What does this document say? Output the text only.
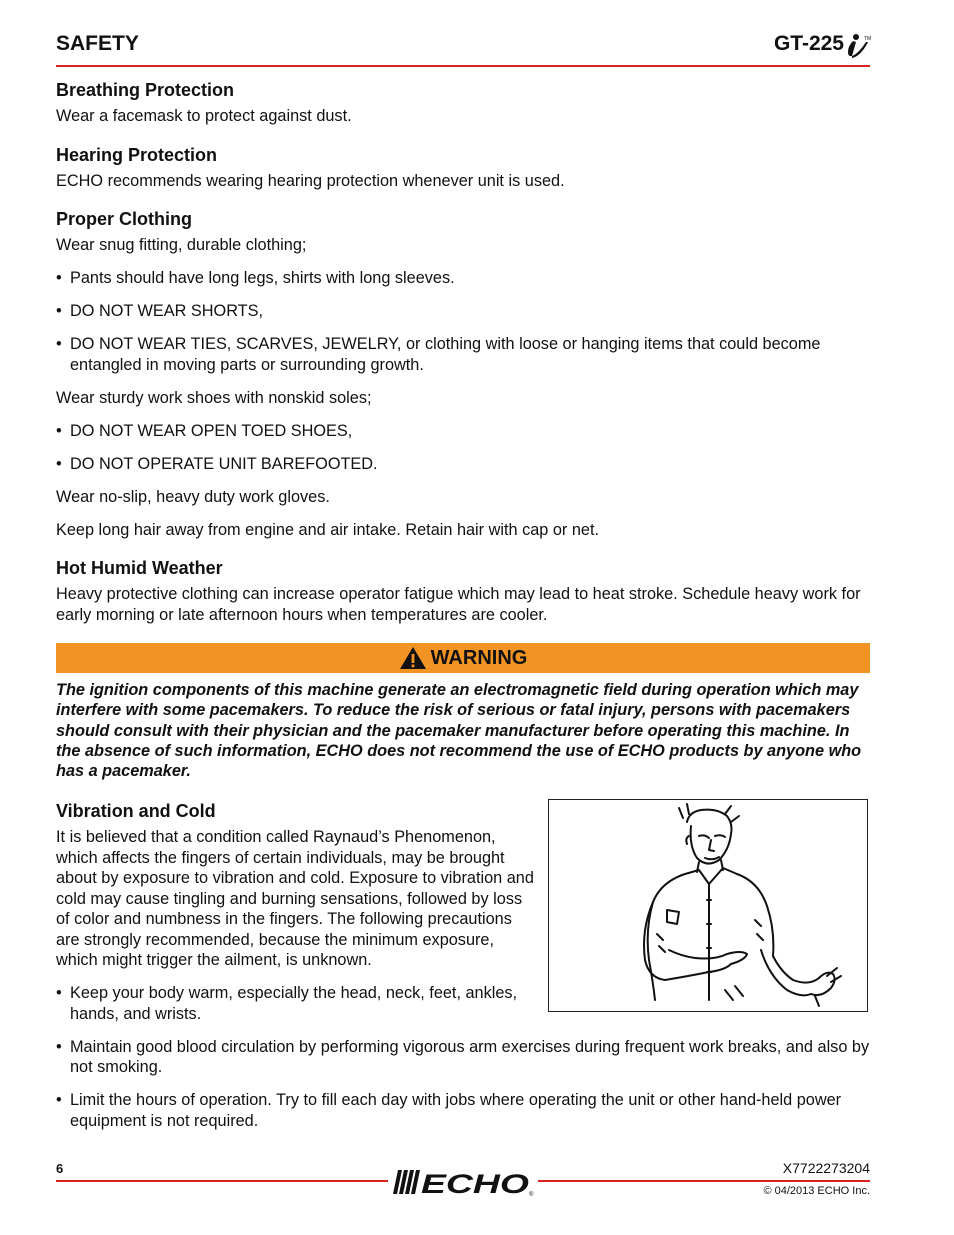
SAFETY	GT-225	TM
Breathing Protection

Wear a facemask to protect against dust.

Hearing Protection

ECHO recommends wearing hearing protection whenever unit is used.

Proper Clothing

Wear snug fitting, durable clothing;

• Pants should have long legs, shirts with long sleeves.

• DO NOT WEAR SHORTS,

• DO NOT WEAR TIES, SCARVES, JEWELRY, or clothing with loose or hanging items that could become entangled in moving parts or surrounding growth.

Wear sturdy work shoes with nonskid soles;

• DO NOT WEAR OPEN TOED SHOES,

• DO NOT OPERATE UNIT BAREFOOTED.

Wear no-slip, heavy duty work gloves.

Keep long hair away from engine and air intake. Retain hair with cap or net.

Hot Humid Weather

Heavy protective clothing can increase operator fatigue which may lead to heat stroke. Schedule heavy work for early morning or late afternoon hours when temperatures are cooler.

WARNING

The ignition components of this machine generate an electromagnetic field during operation which may interfere with some pacemakers. To reduce the risk of serious or fatal injury, persons with pacemakers should consult with their physician and the pacemaker manufacturer before operating this machine. In the absence of such information, ECHO does not recommend the use of ECHO products by anyone who has a pacemaker.

Vibration and Cold

It is believed that a condition called Raynaud’s Phenomenon, which affects the fingers of certain individuals, may be brought about by exposure to vibration and cold. Exposure to vibration and cold may cause tingling and burning sensations, followed by loss of color and numbness in the fingers. The following precautions are strongly recommended, because the minimum exposure, which might trigger the ailment, is unknown.

• Keep your body warm, especially the head, neck, feet, ankles, hands, and wrists.

• Maintain good blood circulation by performing vigorous arm exercises during frequent work breaks, and also by not smoking.

• Limit the hours of operation. Try to fill each day with jobs where operating the unit or other hand-held power equipment is not required.

6	X7722273204
ECHO ®	© 04/2013 ECHO Inc.
